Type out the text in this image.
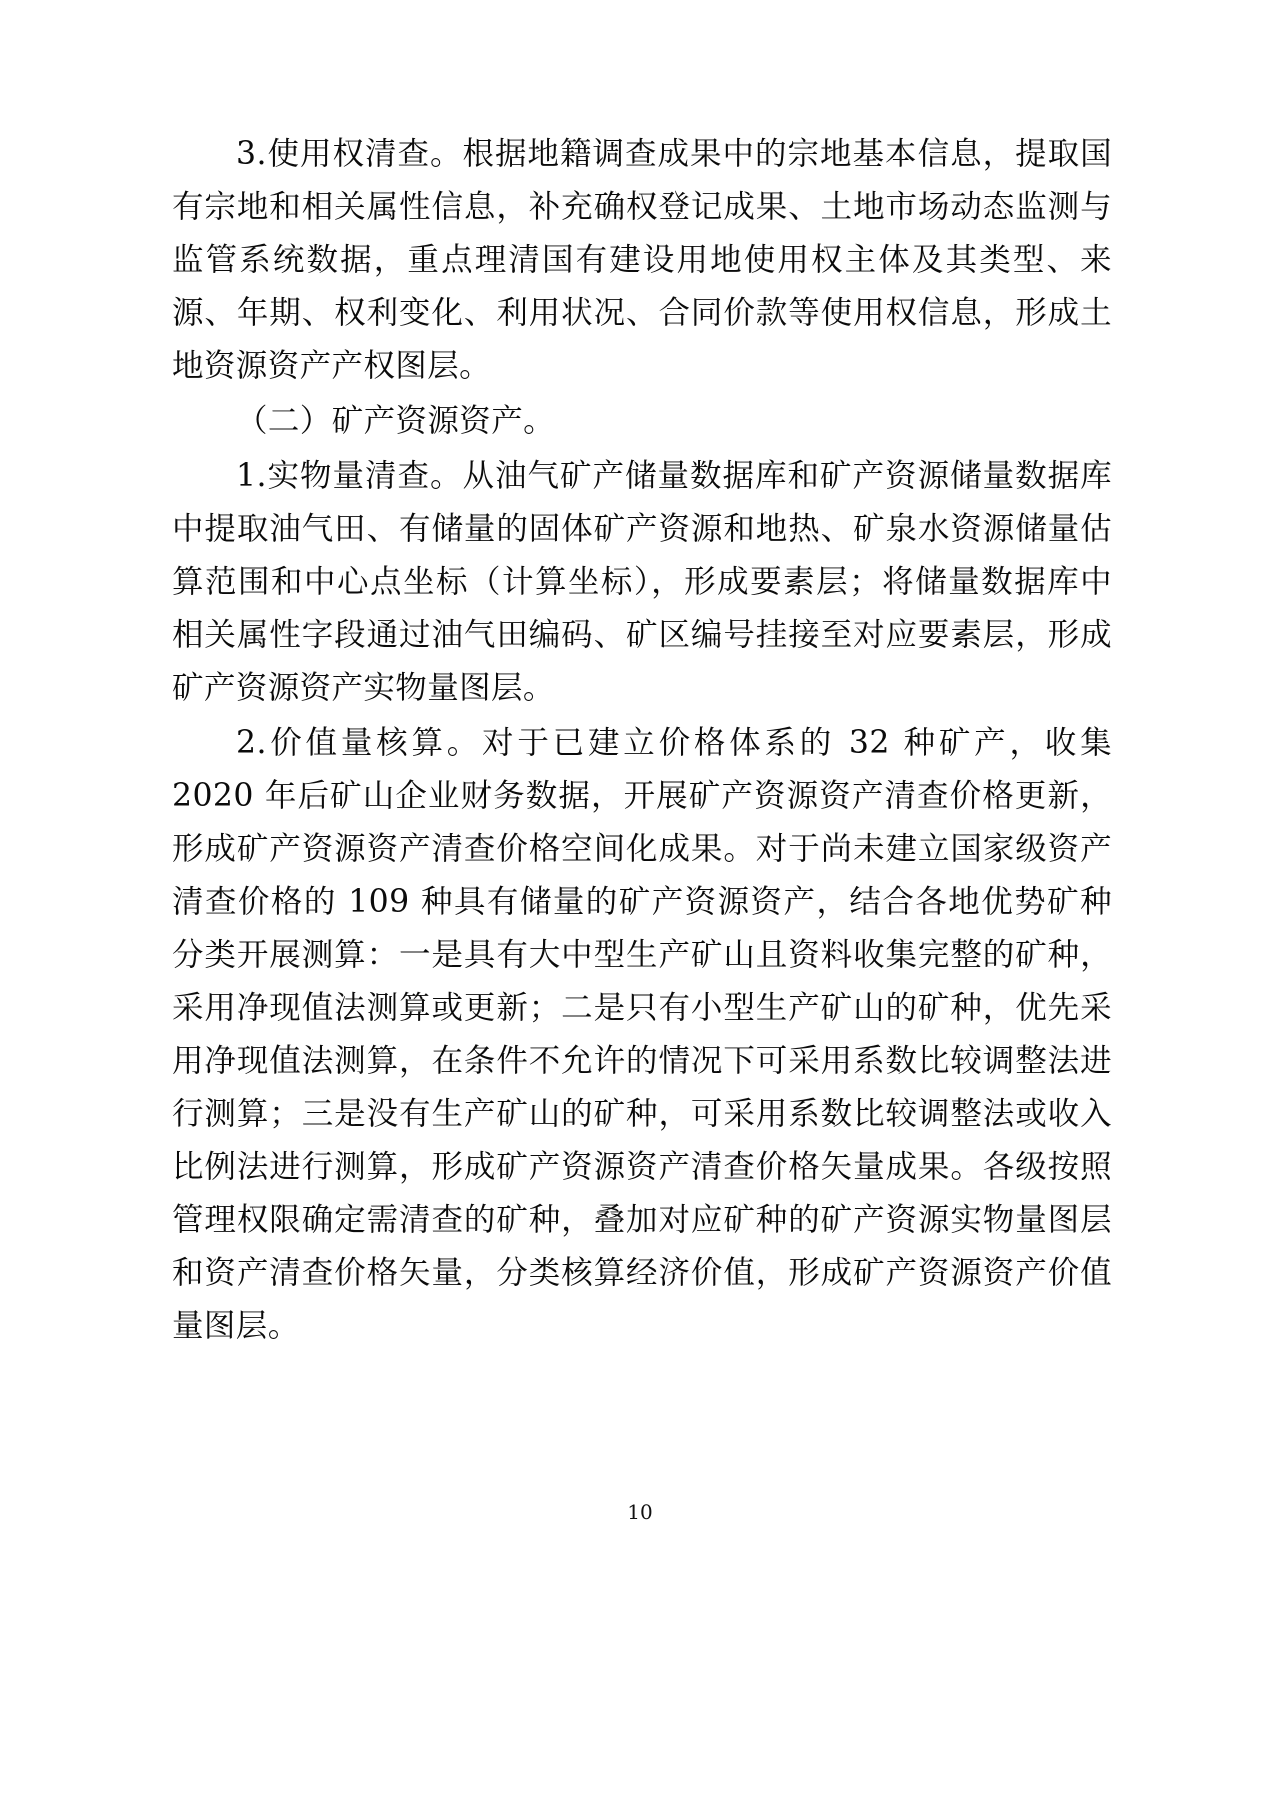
3.使用权清查。根据地籍调查成果中的宗地基本信息，提取国有宗地和相关属性信息，补充确权登记成果、土地市场动态监测与监管系统数据，重点理清国有建设用地使用权主体及其类型、来源、年期、权利变化、利用状况、合同价款等使用权信息，形成土地资源资产产权图层。

（二）矿产资源资产。

1.实物量清查。从油气矿产储量数据库和矿产资源储量数据库中提取油气田、有储量的固体矿产资源和地热、矿泉水资源储量估算范围和中心点坐标（计算坐标），形成要素层；将储量数据库中相关属性字段通过油气田编码、矿区编号挂接至对应要素层，形成矿产资源资产实物量图层。

2.价值量核算。对于已建立价格体系的 32 种矿产，收集 2020 年后矿山企业财务数据，开展矿产资源资产清查价格更新，形成矿产资源资产清查价格空间化成果。对于尚未建立国家级资产清查价格的 109 种具有储量的矿产资源资产，结合各地优势矿种分类开展测算：一是具有大中型生产矿山且资料收集完整的矿种，采用净现值法测算或更新；二是只有小型生产矿山的矿种，优先采用净现值法测算，在条件不允许的情况下可采用系数比较调整法进行测算；三是没有生产矿山的矿种，可采用系数比较调整法或收入比例法进行测算，形成矿产资源资产清查价格矢量成果。各级按照管理权限确定需清查的矿种，叠加对应矿种的矿产资源实物量图层和资产清查价格矢量，分类核算经济价值，形成矿产资源资产价值量图层。

10
